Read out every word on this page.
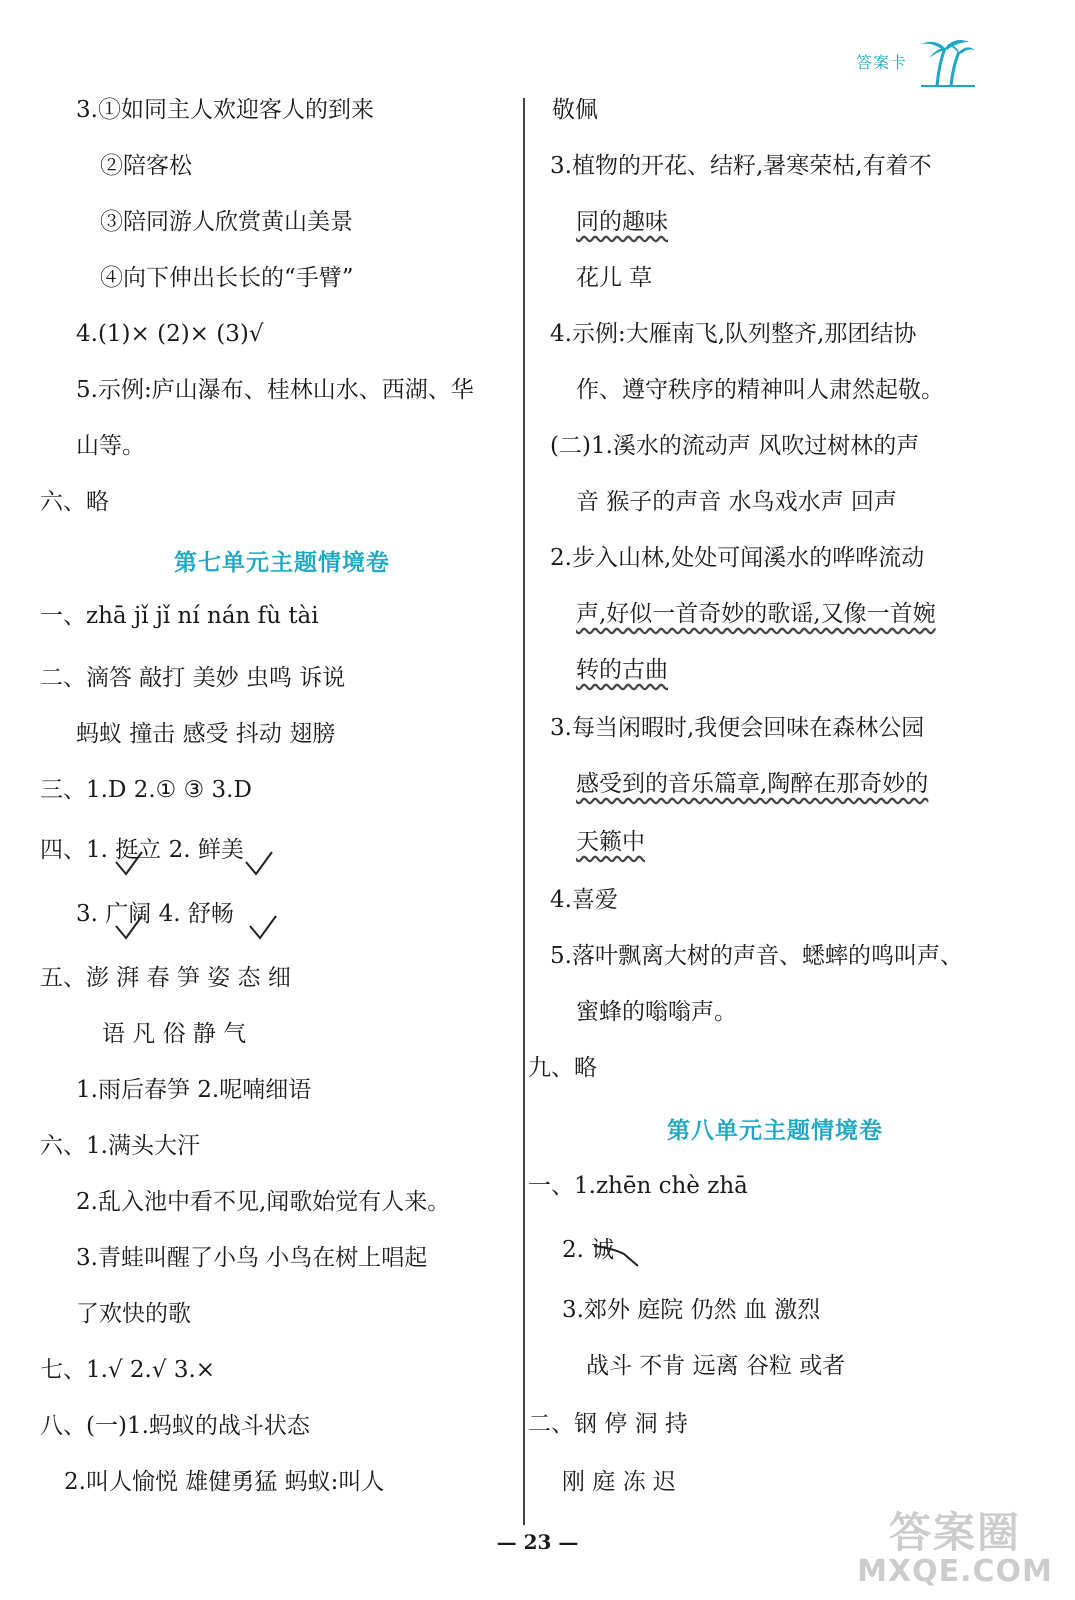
答案卡
3.①如同主人欢迎客人的到来
②陪客松
③陪同游人欣赏黄山美景
④向下伸出长长的“手臂”
4.(1)× (2)× (3)√
5.示例:庐山瀑布、桂林山水、西湖、华
山等。
六、略
第七单元主题情境卷
一、zhā jǐ jǐ ní nán fù tài
二、滴答 敲打 美妙 虫鸣 诉说
蚂蚁 撞击 感受 抖动 翅膀
三、1.D 2.① ③ 3.D
四、1. 挺立 2. 鲜美
3. 广阔 4. 舒畅
五、澎 湃 春 笋 姿 态 细
语 凡 俗 静 气
1.雨后春笋 2.呢喃细语
六、1.满头大汗
2.乱入池中看不见,闻歌始觉有人来。
3.青蛙叫醒了小鸟 小鸟在树上唱起
了欢快的歌
七、1.√ 2.√ 3.×
八、(一)1.蚂蚁的战斗状态
2.叫人愉悦 雄健勇猛 蚂蚁:叫人
敬佩
3.植物的开花、结籽,暑寒荣枯,有着不
同的趣味
花儿 草
4.示例:大雁南飞,队列整齐,那团结协
作、遵守秩序的精神叫人肃然起敬。
(二)1.溪水的流动声 风吹过树林的声
音 猴子的声音 水鸟戏水声 回声
2.步入山林,处处可闻溪水的哗哗流动
声,好似一首奇妙的歌谣,又像一首婉
转的古曲
3.每当闲暇时,我便会回味在森林公园
感受到的音乐篇章,陶醉在那奇妙的
天籁中
4.喜爱
5.落叶飘离大树的声音、蟋蟀的鸣叫声、
蜜蜂的嗡嗡声。
九、略
第八单元主题情境卷
一、1.zhēn chè zhā
2. 诚
3.郊外 庭院 仍然 血 激烈
战斗 不肯 远离 谷粒 或者
二、钢 停 洞 持
刚 庭 冻 迟
— 23 —	答案圈
MXQE.COM
